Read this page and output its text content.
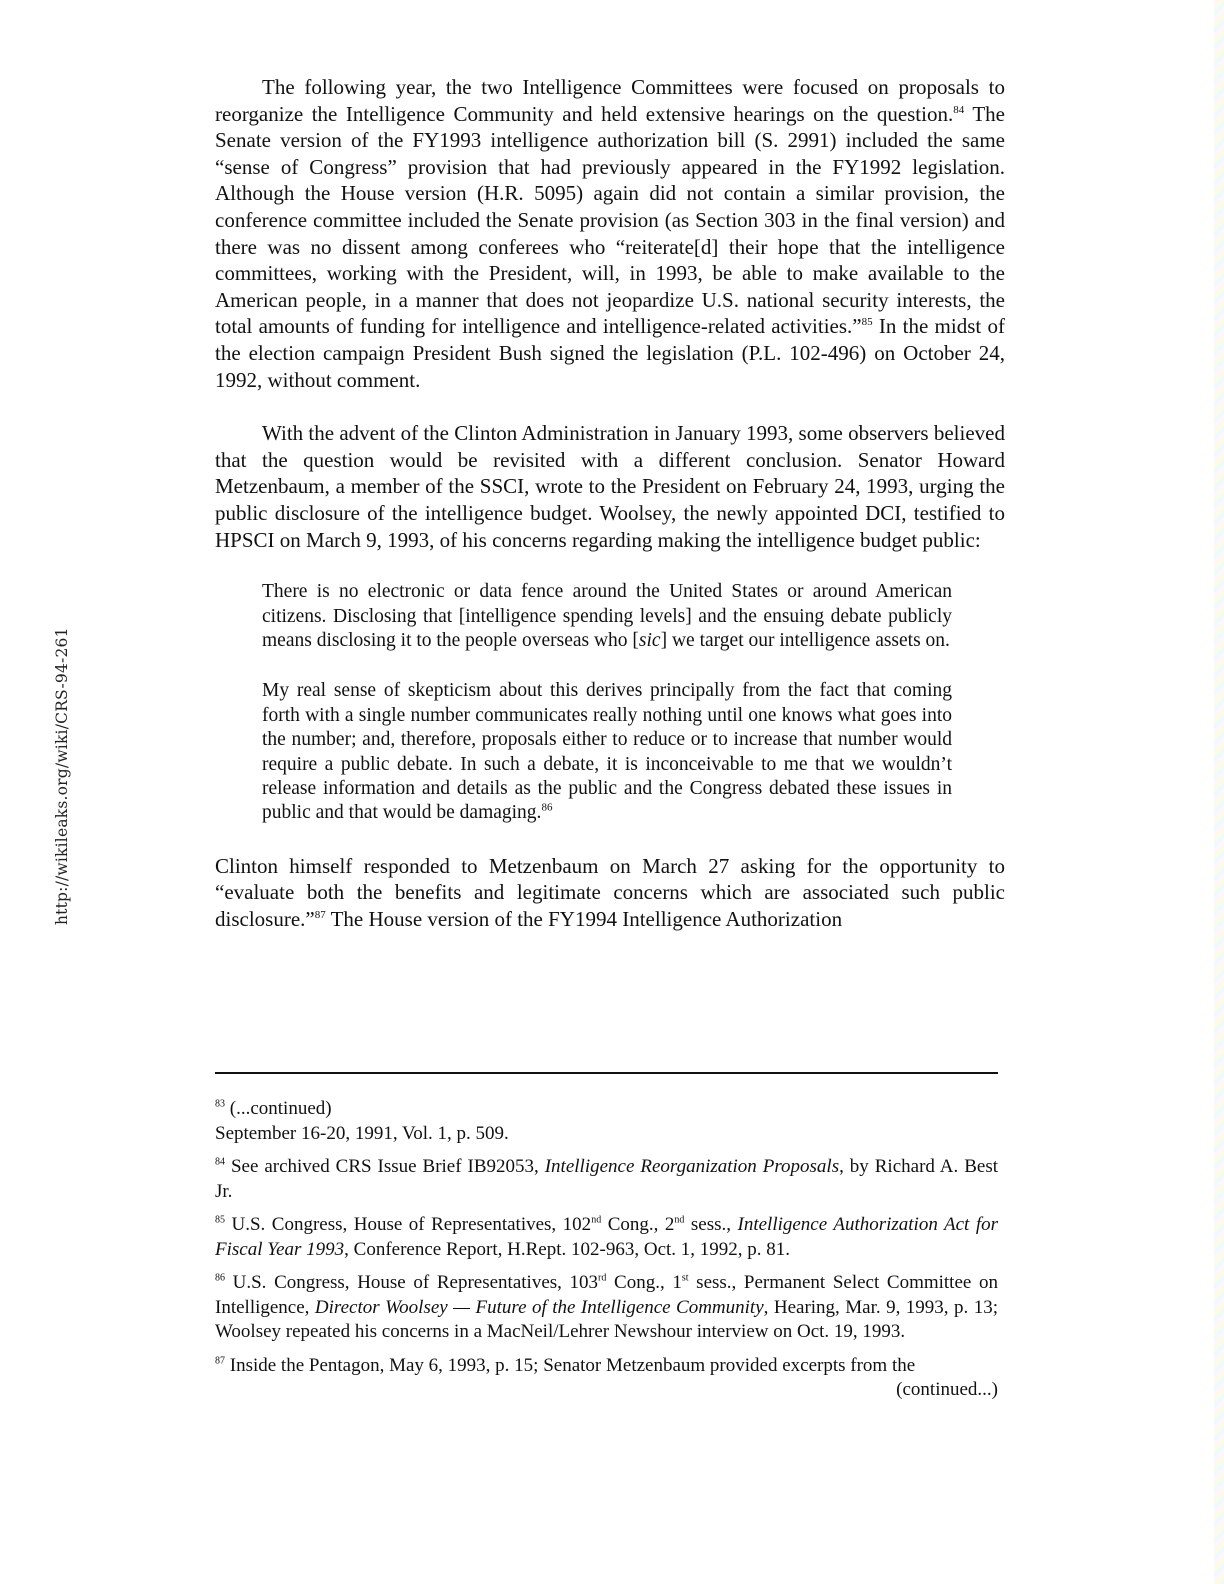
http://wikileaks.org/wiki/CRS-94-261

The following year, the two Intelligence Committees were focused on proposals to reorganize the Intelligence Community and held extensive hearings on the question.$^{84}$ The Senate version of the FY1993 intelligence authorization bill (S. 2991) included the same “sense of Congress” provision that had previously appeared in the FY1992 legislation. Although the House version (H.R. 5095) again did not contain a similar provision, the conference committee included the Senate provision (as Section 303 in the final version) and there was no dissent among conferees who “reiterate[d] their hope that the intelligence committees, working with the President, will, in 1993, be able to make available to the American people, in a manner that does not jeopardize U.S. national security interests, the total amounts of funding for intelligence and intelligence-related activities.”$^{85}$ In the midst of the election campaign President Bush signed the legislation (P.L. 102-496) on October 24, 1992, without comment.

With the advent of the Clinton Administration in January 1993, some observers believed that the question would be revisited with a different conclusion. Senator Howard Metzenbaum, a member of the SSCI, wrote to the President on February 24, 1993, urging the public disclosure of the intelligence budget. Woolsey, the newly appointed DCI, testified to HPSCI on March 9, 1993, of his concerns regarding making the intelligence budget public:

There is no electronic or data fence around the United States or around American citizens. Disclosing that [intelligence spending levels] and the ensuing debate publicly means disclosing it to the people overseas who [sic] we target our intelligence assets on.

My real sense of skepticism about this derives principally from the fact that coming forth with a single number communicates really nothing until one knows what goes into the number; and, therefore, proposals either to reduce or to increase that number would require a public debate. In such a debate, it is inconceivable to me that we wouldn’t release information and details as the public and the Congress debated these issues in public and that would be damaging.$^{86}$

Clinton himself responded to Metzenbaum on March 27 asking for the opportunity to “evaluate both the benefits and legitimate concerns which are associated such public disclosure.”$^{87}$ The House version of the FY1994 Intelligence Authorization

$^{83}$ (...continued)

September 16-20, 1991, Vol. 1, p. 509.

$^{84}$ See archived CRS Issue Brief IB92053, Intelligence Reorganization Proposals, by Richard A. Best Jr.

$^{85}$ U.S. Congress, House of Representatives, 102nd Cong., 2nd sess., Intelligence Authorization Act for Fiscal Year 1993, Conference Report, H.Rept. 102-963, Oct. 1, 1992, p. 81.

$^{86}$ U.S. Congress, House of Representatives, 103rd Cong., 1st sess., Permanent Select Committee on Intelligence, Director Woolsey — Future of the Intelligence Community, Hearing, Mar. 9, 1993, p. 13; Woolsey repeated his concerns in a MacNeil/Lehrer Newshour interview on Oct. 19, 1993.

$^{87}$ Inside the Pentagon, May 6, 1993, p. 15; Senator Metzenbaum provided excerpts from the

(continued...)
